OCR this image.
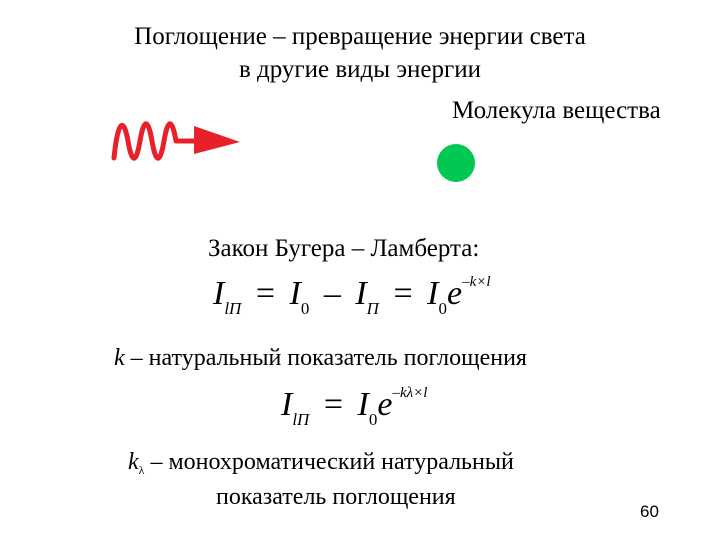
Поглощение – превращение энергии света
в другие виды энергии
Молекула вещества
Закон Бугера – Ламберта:
$I_{lП} = I_0 - I_П = I_0e^{-k\times l}$
k – натуральный показатель поглощения
$I_{lП} = I_0e^{-k\lambda\times l}$
$k_\lambda$ – монохроматический натуральный
показатель поглощения
60
